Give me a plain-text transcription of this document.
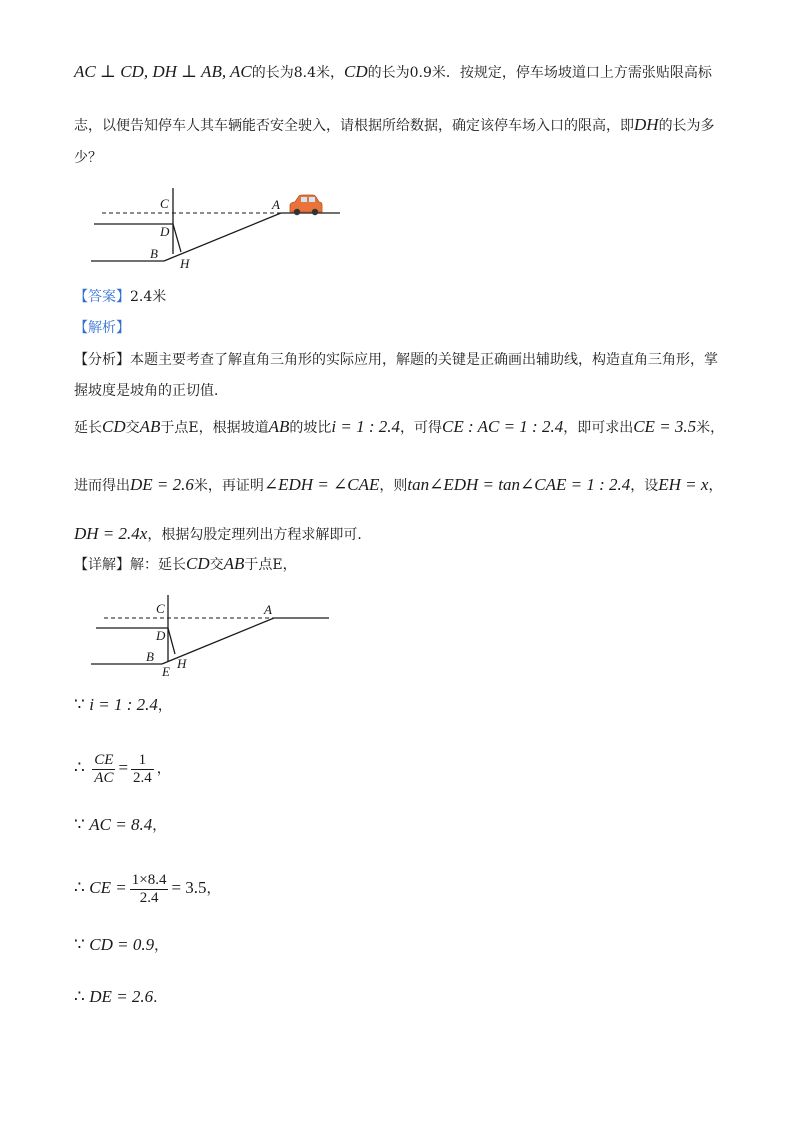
AC ⊥ CD, DH ⊥ AB, AC的长为8.4米，CD的长为0.9米．按规定，停车场坡道口上方需张贴限高标
志，以便告知停车人其车辆能否安全驶入，请根据所给数据，确定该停车场入口的限高，即DH的长为多
少？
C	A
D
B
H
【答案】2.4米
【解析】
【分析】本题主要考查了解直角三角形的实际应用，解题的关键是正确画出辅助线，构造直角三角形，掌
握坡度是坡角的正切值．
延长CD交AB于点E，根据坡道AB的坡比i = 1 : 2.4，可得CE : AC = 1 : 2.4，即可求出CE = 3.5米，
进而得出DE = 2.6米，再证明∠EDH = ∠CAE，则tan∠EDH = tan∠CAE = 1 : 2.4，设EH = x，
DH = 2.4x，根据勾股定理列出方程求解即可．
【详解】解：延长CD交AB于点E，
C	A
D
B H
E
∵ i = 1 : 2.4，
∴ $\frac{CE}{AC} = \frac{1}{2.4}$ ，
∵ AC = 8.4，
∴ CE = $\frac{1\times 8.4}{2.4} = 3.5$，
∵ CD = 0.9，
∴ DE = 2.6．
